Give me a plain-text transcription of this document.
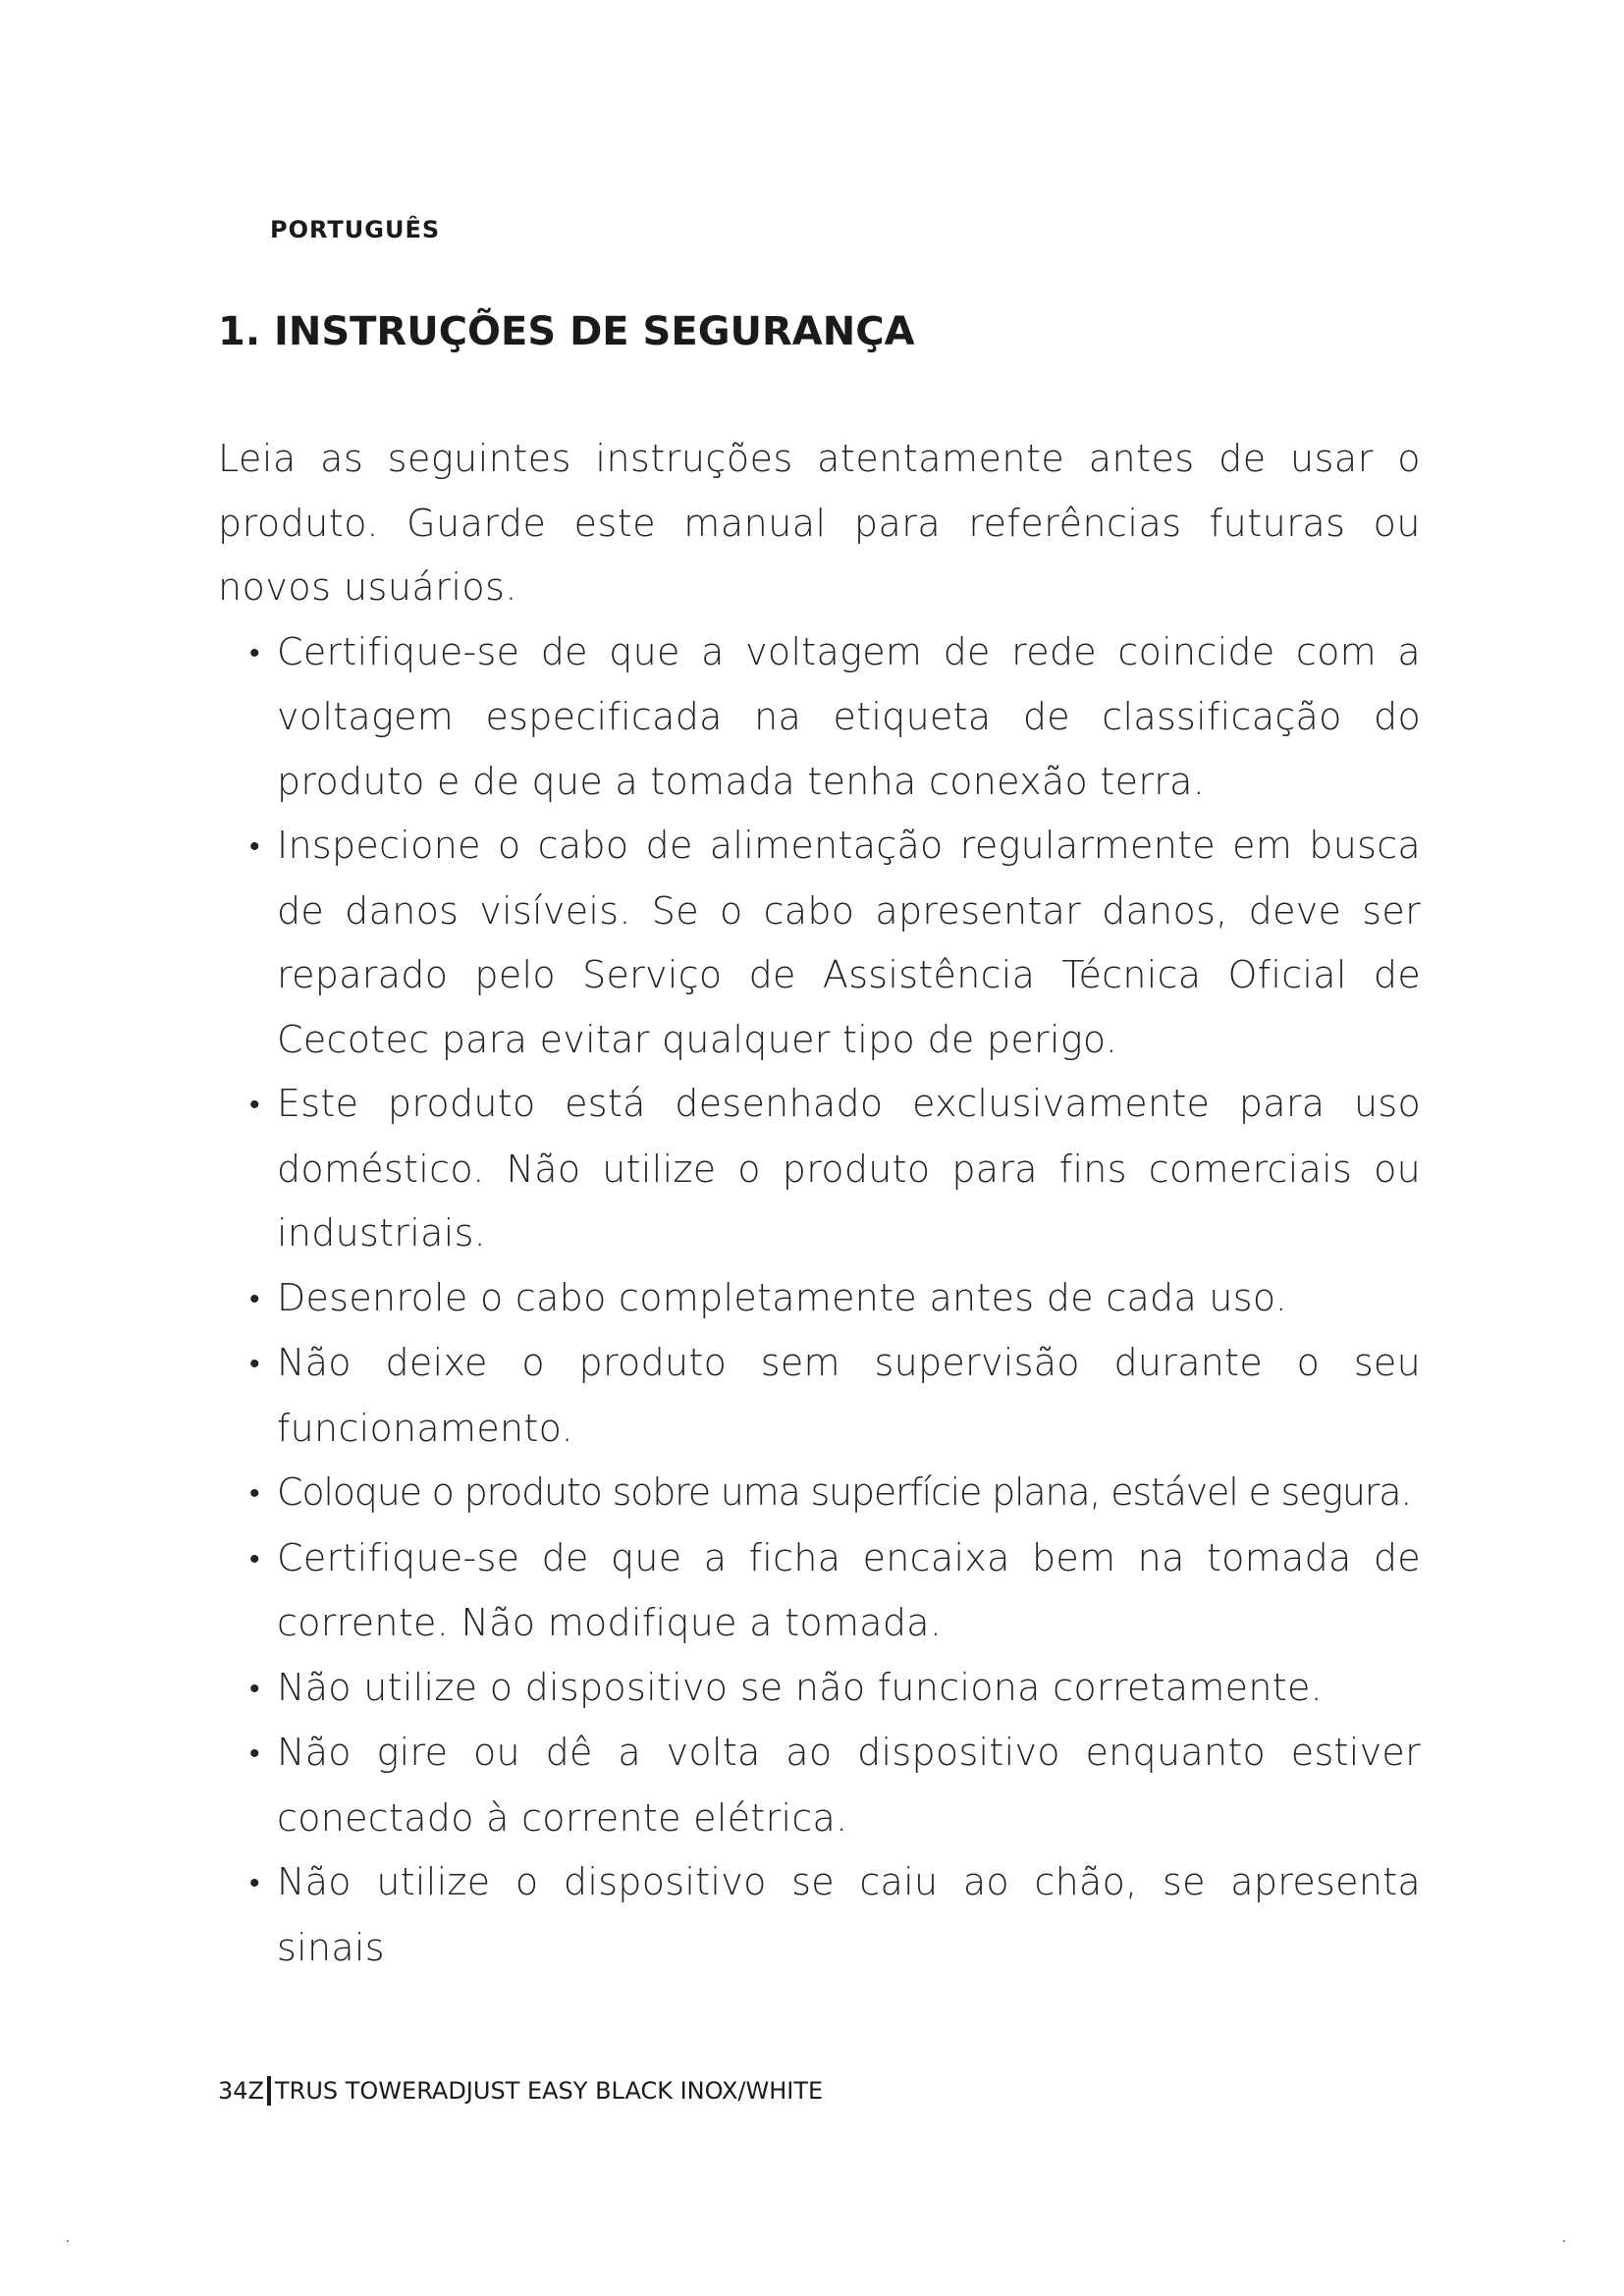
PORTUGUÊS
1. INSTRUÇÕES DE SEGURANÇA

Leia as seguintes instruções atentamente antes de usar o produto. Guarde este manual para referências futuras ou novos usuários.

• Certifique-se de que a voltagem de rede coincide com a voltagem especificada na etiqueta de classificação do produto e de que a tomada tenha conexão terra.
• Inspecione o cabo de alimentação regularmente em busca de danos visíveis. Se o cabo apresentar danos, deve ser reparado pelo Serviço de Assistência Técnica Oficial de Cecotec para evitar qualquer tipo de perigo.
• Este produto está desenhado exclusivamente para uso doméstico. Não utilize o produto para fins comerciais ou industriais.
• Desenrole o cabo completamente antes de cada uso.
• Não deixe o produto sem supervisão durante o seu funcionamento.
• Coloque o produto sobre uma superfície plana, estável e segura.
• Certifique-se de que a ficha encaixa bem na tomada de corrente. Não modifique a tomada.
• Não utilize o dispositivo se não funciona corretamente.
• Não gire ou dê a volta ao dispositivo enquanto estiver conectado à corrente elétrica.
• Não utilize o dispositivo se caiu ao chão, se apresenta sinais
34Z TRUS TOWERADJUST EASY BLACK INOX/WHITE
